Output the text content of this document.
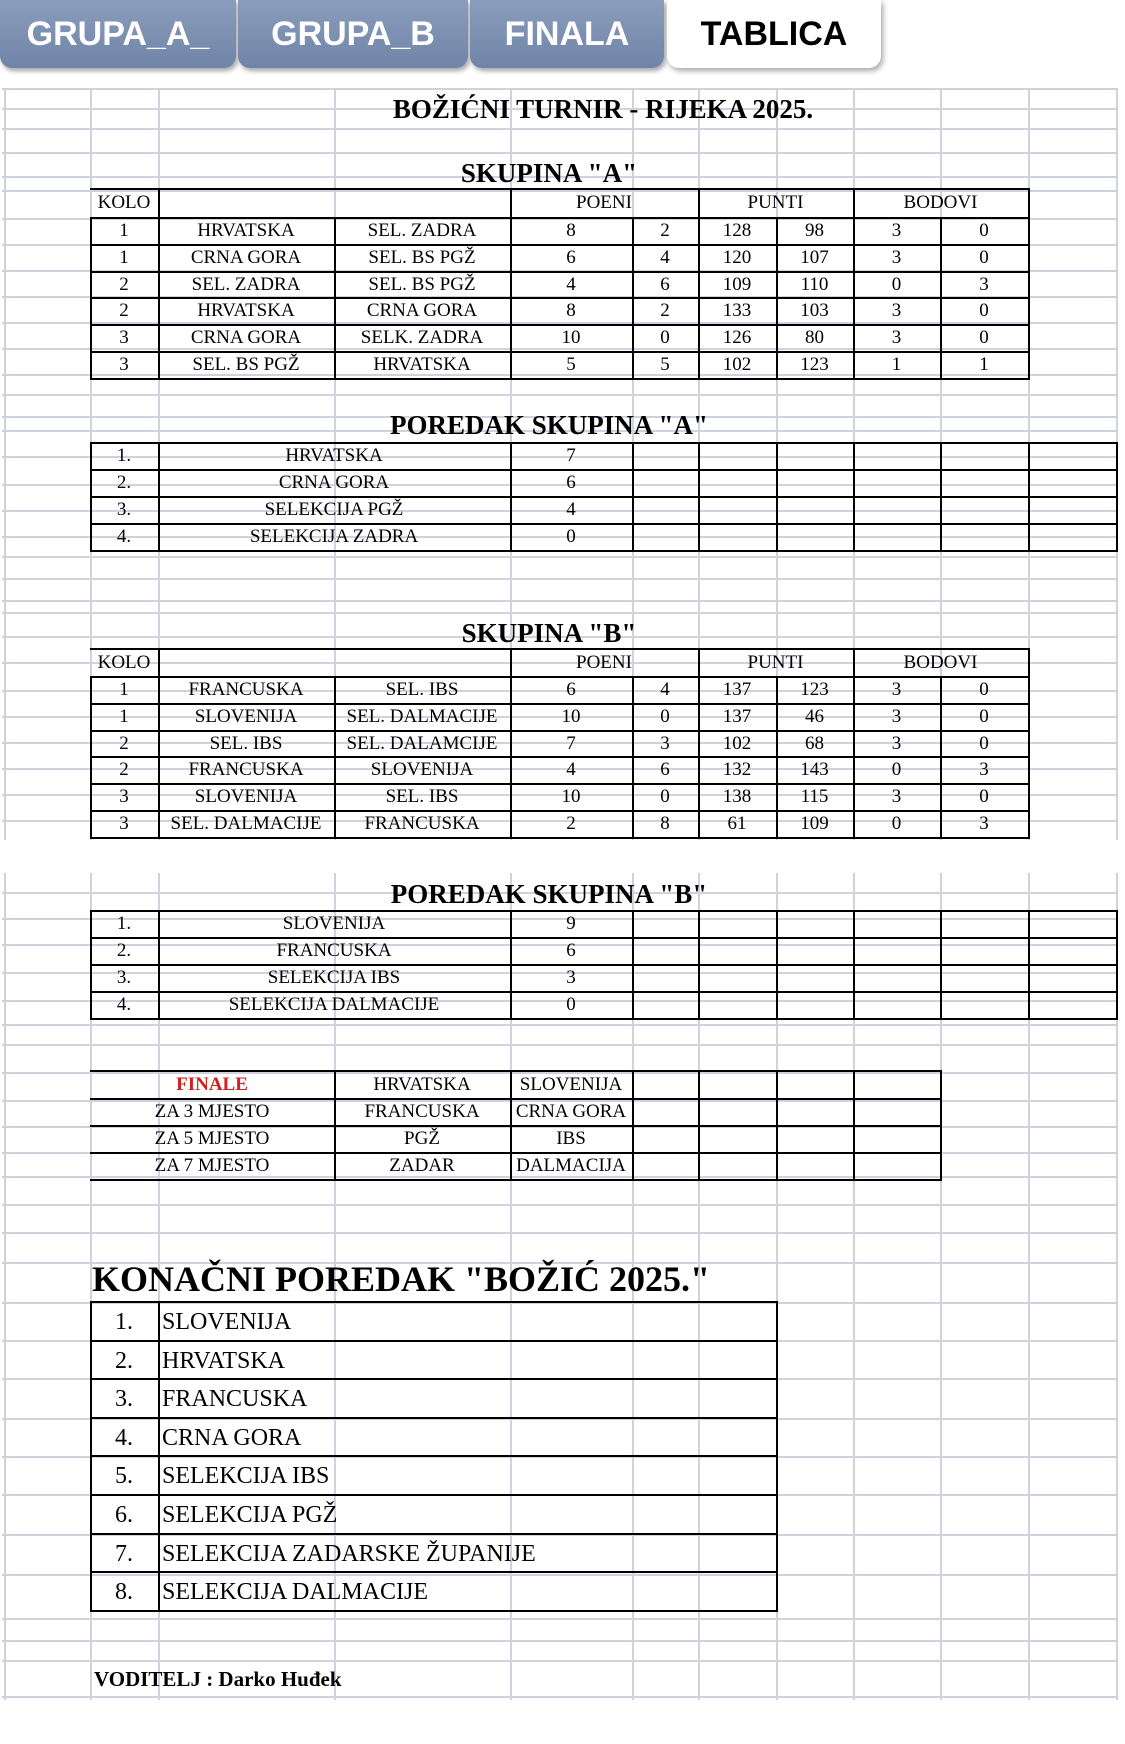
GRUPA_A_	GRUPA_B	FINALA	TABLICA
BOŽIĆNI TURNIR - RIJEKA 2025.
SKUPINA "A"
KOLO	POENI	PUNTI	BODOVI
1	HRVATSKA	SEL. ZADRA	8	2	128	98	3	0
1	CRNA GORA	SEL. BS PGŽ	6	4	120	107	3	0
2	SEL. ZADRA	SEL. BS PGŽ	4	6	109	110	0	3
2	HRVATSKA	CRNA GORA	8	2	133	103	3	0
3	CRNA GORA	SELK. ZADRA	10	0	126	80	3	0
3	SEL. BS PGŽ	HRVATSKA	5	5	102	123	1	1
SKUPINA "B"
KOLO	POENI	PUNTI	BODOVI
1	FRANCUSKA	SEL. IBS	6	4	137	123	3	0
1	SLOVENIJA	SEL. DALMACIJE	10	0	137	46	3	0
2	SEL. IBS	SEL. DALAMCIJE	7	3	102	68	3	0
2	FRANCUSKA	SLOVENIJA	4	6	132	143	0	3
3	SLOVENIJA	SEL. IBS	10	0	138	115	3	0
3	SEL. DALMACIJE	FRANCUSKA	2	8	61	109	0	3
POREDAK SKUPINA "A"
1.	HRVATSKA	7
2.	CRNA GORA	6
3.	SELEKCIJA PGŽ	4
4.	SELEKCIJA ZADRA	0
POREDAK SKUPINA "B"
1.	SLOVENIJA	9
2.	FRANCUSKA	6
3.	SELEKCIJA IBS	3
4.	SELEKCIJA DALMACIJE	0
FINALE	HRVATSKA	SLOVENIJA
ZA 3 MJESTO	FRANCUSKA	CRNA GORA
ZA 5 MJESTO	PGŽ	IBS
ZA 7 MJESTO	ZADAR	DALMACIJA
KONAČNI POREDAK "BOŽIĆ 2025."
1.	SLOVENIJA
2.	HRVATSKA
3.	FRANCUSKA
4.	CRNA GORA
5.	SELEKCIJA IBS
6.	SELEKCIJA PGŽ
7.	SELEKCIJA ZADARSKE ŽUPANIJE
8.	SELEKCIJA DALMACIJE
VODITELJ : Darko Huđek
